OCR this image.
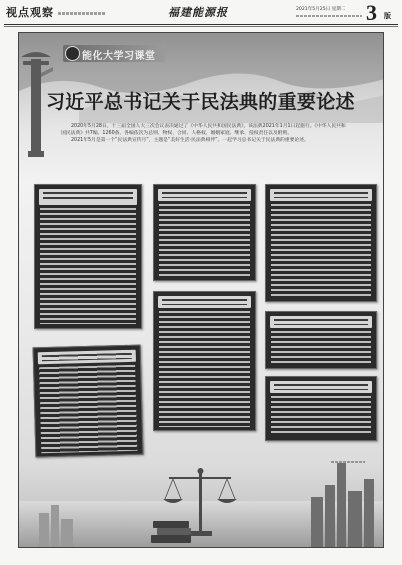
视点观察	福建能源报	2021年5月25日 星期二 3 版
能化大学习课堂
习近平总书记关于民法典的重要论述

2020年5月28日，十三届全国人大三次会议表决通过了《中华人民共和国民法典》，该法典2021年1月1日起施行。《中华人民共和国民法典》共7编、1260条，各编依次为总则、物权、合同、人格权、婚姻家庭、继承、侵权责任以及附则。

2021年5月是第一个“民法典宣传月”，主题是“美好生活·民法典相伴”。一起学习总书记关于民法典的重要论述。
